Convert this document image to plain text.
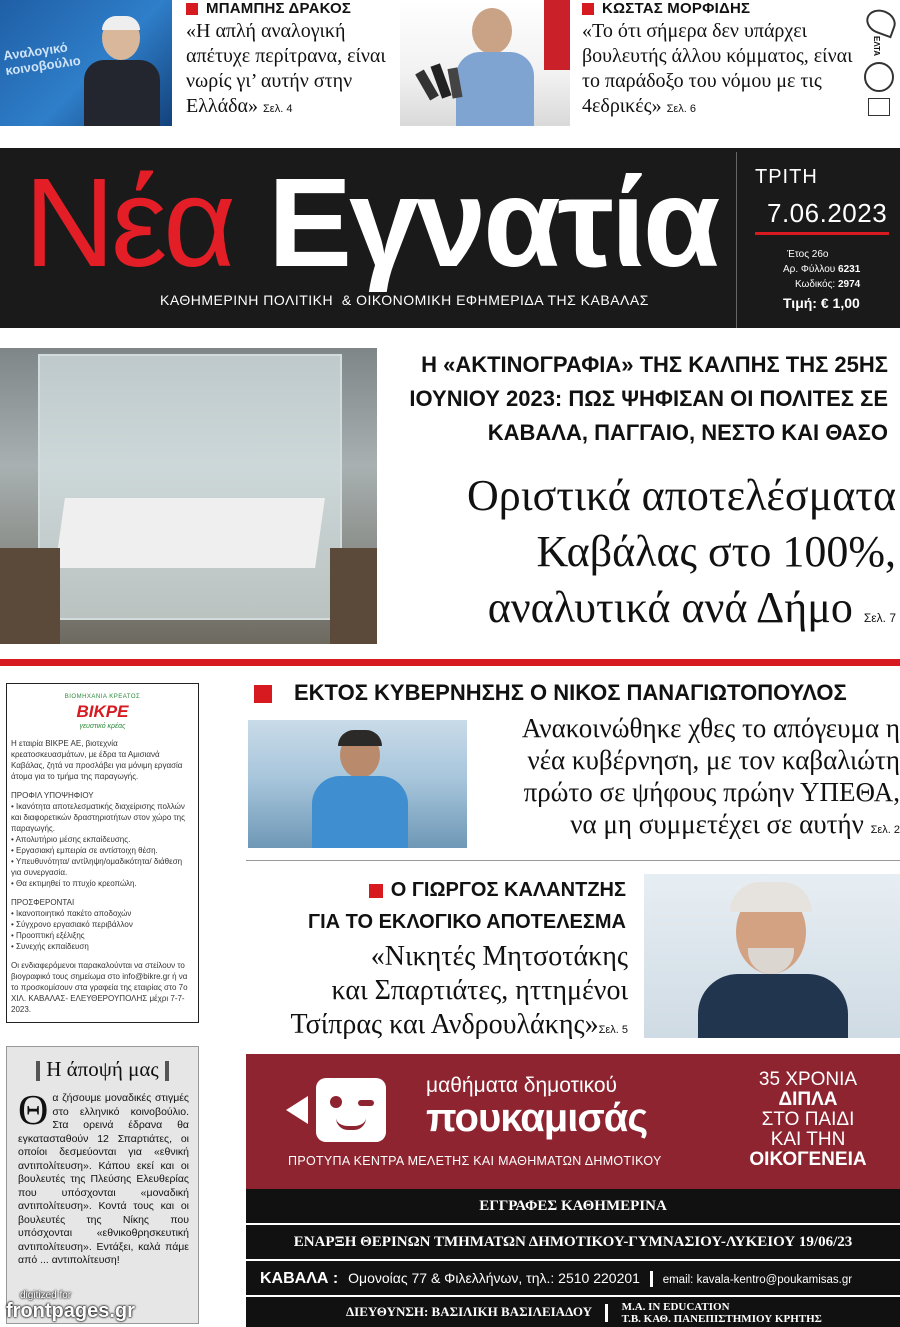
Αναλογικό κοινοβούλιο
ΜΠΑΜΠΗΣ ΔΡΑΚΟΣ
«Η απλή αναλογική απέτυχε περίτρανα, είναι νωρίς γι’ αυτήν στην Ελλάδα» Σελ. 4
ΚΩΣΤΑΣ ΜΟΡΦΙΔΗΣ
«Το ότι σήμερα δεν υπάρχει βουλευτής άλλου κόμματος, είναι το παράδοξο του νόμου με τις 4εδρικές» Σελ. 6
ΕΛΤΑ
Νέα Εγνατία
ΚΑΘΗΜΕΡΙΝΗ ΠΟΛΙΤΙΚΗ  & ΟΙΚΟΝΟΜΙΚΗ ΕΦΗΜΕΡΙΔΑ ΤΗΣ ΚΑΒΑΛΑΣ
ΤΡΙΤΗ
7.06.2023
Έτος 26ο
Αρ. Φύλλου 6231
Κωδικός: 2974
Τιμή: € 1,00
Η «ΑΚΤΙΝΟΓΡΑΦΙΑ» ΤΗΣ ΚΑΛΠΗΣ ΤΗΣ 25ΗΣ
ΙΟΥΝΙΟΥ 2023: ΠΩΣ ΨΗΦΙΣΑΝ ΟΙ ΠΟΛΙΤΕΣ ΣΕ
ΚΑΒΑΛΑ, ΠΑΓΓΑΙΟ, ΝΕΣΤΟ ΚΑΙ ΘΑΣΟ
Οριστικά αποτελέσματα
Καβάλας στο 100%,
αναλυτικά ανά Δήμο Σελ. 7
ΕΚΤΟΣ ΚΥΒΕΡΝΗΣΗΣ Ο ΝΙΚΟΣ ΠΑΝΑΓΙΩΤΟΠΟΥΛΟΣ
Ανακοινώθηκε χθες το απόγευμα η
νέα κυβέρνηση, με τον καβαλιώτη
πρώτο σε ψήφους πρώην ΥΠΕΘΑ,
να μη συμμετέχει σε αυτήν Σελ. 2
Ο ΓΙΩΡΓΟΣ ΚΑΛΑΝΤΖΗΣ
ΓΙΑ ΤΟ ΕΚΛΟΓΙΚΟ ΑΠΟΤΕΛΕΣΜΑ
«Νικητές Μητσοτάκης
και Σπαρτιάτες, ηττημένοι
Τσίπρας και Ανδρουλάκης»Σελ. 5
ΒΙΟΜΗΧΑΝΙΑ ΚΡΕΑΤΟΣ
ΒΙΚΡΕ
γευστικό κρέας
Η εταιρία ΒΙΚΡΕ ΑΕ, βιοτεχνία κρεατοσκευασμάτων, με έδρα τα Αμισιανά Καβάλας, ζητά να προσλάβει για μόνιμη εργασία άτομα για το τμήμα της παραγωγής.
ΠΡΟΦΙΛ ΥΠΟΨΗΦΙΟΥ
• Ικανότητα αποτελεσματικής διαχείρισης πολλών και διαφορετικών δραστηριοτήτων στον χώρο της παραγωγής.
• Απολυτήριο μέσης εκπαίδευσης.
• Εργασιακή εμπειρία σε αντίστοιχη θέση.
• Υπευθυνότητα/ αντίληψη/ομαδικότητα/ διάθεση για συνεργασία.
• Θα εκτιμηθεί το πτυχίο κρεοπώλη.
ΠΡΟΣΦΕΡΟΝΤΑΙ
• Ικανοποιητικό πακέτο αποδοχών
• Σύγχρονο εργασιακό περιβάλλον
• Προοπτική εξέλιξης
• Συνεχής εκπαίδευση
Οι ενδιαφερόμενοι παρακαλούνται να στείλουν το βιογραφικό τους σημείωμα στο info@bikre.gr ή να το προσκομίσουν στα γραφεία της εταιρίας στο 7ο ΧΙΛ. ΚΑΒΑΛΑΣ- ΕΛΕΥΘΕΡΟΥΠΟΛΗΣ μέχρι 7-7-2023.
Η άποψή μας
Θα ζήσουμε μοναδικές στιγμές στο ελληνικό κοινοβούλιο. Στα ορεινά έδρανα θα εγκατασταθούν 12 Σπαρτιάτες, οι οποίοι δεσμεύονται για «εθνική αντιπολίτευση». Κάπου εκεί και οι βουλευτές της Πλεύσης Ελευθερίας που υπόσχονται «μοναδική αντιπολίτευση». Κοντά τους και οι βουλευτές της Νίκης που υπόσχονται «εθνικοθρησκευτική αντιπολίτευση». Εντάξει, καλά πάμε από ... αντιπολίτευση!
μαθήματα δημοτικού
πουκαμισάς
ΠΡΟΤΥΠΑ ΚΕΝΤΡΑ ΜΕΛΕΤΗΣ ΚΑΙ ΜΑΘΗΜΑΤΩΝ ΔΗΜΟΤΙΚΟΥ
35 ΧΡΟΝΙΑ
ΔΙΠΛΑ
ΣΤΟ ΠΑΙΔΙ
ΚΑΙ ΤΗΝ
ΟΙΚΟΓΕΝΕΙΑ
ΕΓΓΡΑΦΕΣ ΚΑΘΗΜΕΡΙΝΑ
ΕΝΑΡΞΗ ΘΕΡΙΝΩΝ ΤΜΗΜΑΤΩΝ ΔΗΜΟΤΙΚΟΥ-ΓΥΜΝΑΣΙΟΥ-ΛΥΚΕΙΟΥ 19/06/23
ΚΑΒΑΛΑ : Ομονοίας 77 & Φιλελλήνων, τηλ.: 2510 220201 email: kavala-kentro@poukamisas.gr
ΔΙΕΥΘΥΝΣΗ: ΒΑΣΙΛΙΚΗ ΒΑΣΙΛΕΙΑΔΟΥ	Μ.Α. IN EDUCATION
Τ.Β. ΚΑΘ. ΠΑΝΕΠΙΣΤΗΜΙΟΥ ΚΡΗΤΗΣ
digitized for
frontpages.gr
